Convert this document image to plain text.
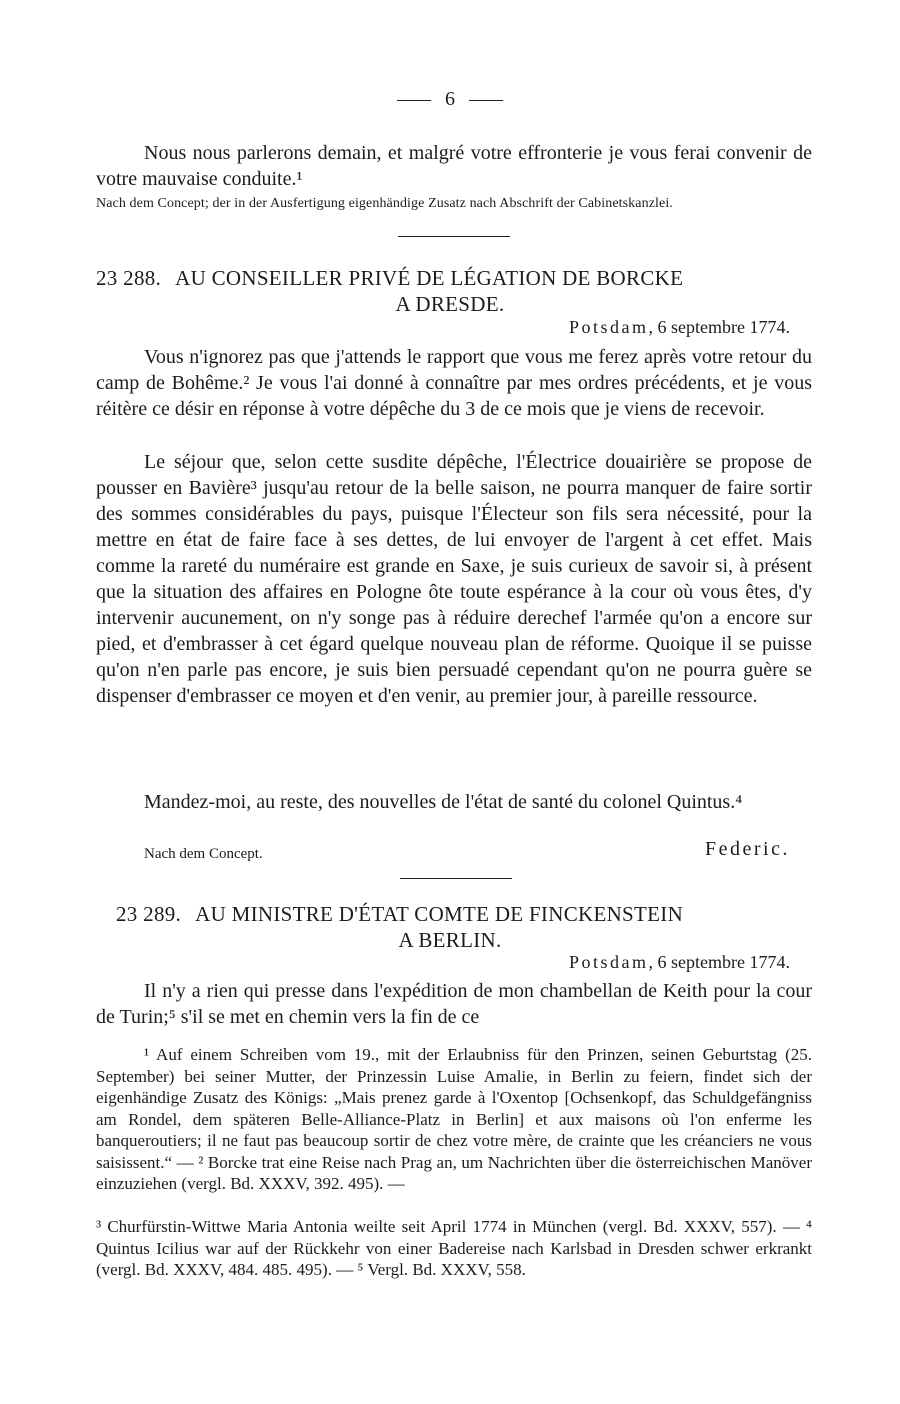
6
Nous nous parlerons demain, et malgré votre effronterie je vous ferai convenir de votre mauvaise conduite.¹
Nach dem Concept; der in der Ausfertigung eigenhändige Zusatz nach Abschrift der Cabinetskanzlei.
23 288. AU CONSEILLER PRIVÉ DE LÉGATION DE BORCKE
A DRESDE.
Potsdam, 6 septembre 1774.
Vous n'ignorez pas que j'attends le rapport que vous me ferez après votre retour du camp de Bohême.² Je vous l'ai donné à connaître par mes ordres précédents, et je vous réitère ce désir en réponse à votre dépêche du 3 de ce mois que je viens de recevoir.
Le séjour que, selon cette susdite dépêche, l'Électrice douairière se propose de pousser en Bavière³ jusqu'au retour de la belle saison, ne pourra manquer de faire sortir des sommes considérables du pays, puisque l'Électeur son fils sera nécessité, pour la mettre en état de faire face à ses dettes, de lui envoyer de l'argent à cet effet. Mais comme la rareté du numéraire est grande en Saxe, je suis curieux de savoir si, à présent que la situation des affaires en Pologne ôte toute espérance à la cour où vous êtes, d'y intervenir aucunement, on n'y songe pas à réduire derechef l'armée qu'on a encore sur pied, et d'embrasser à cet égard quelque nouveau plan de réforme. Quoique il se puisse qu'on n'en parle pas encore, je suis bien persuadé cependant qu'on ne pourra guère se dispenser d'embrasser ce moyen et d'en venir, au premier jour, à pareille ressource.
Mandez-moi, au reste, des nouvelles de l'état de santé du colonel Quintus.⁴
Nach dem Concept.	Federic.
23 289. AU MINISTRE D'ÉTAT COMTE DE FINCKENSTEIN
A BERLIN.
Potsdam, 6 septembre 1774.
Il n'y a rien qui presse dans l'expédition de mon chambellan de Keith pour la cour de Turin;⁵ s'il se met en chemin vers la fin de ce
¹ Auf einem Schreiben vom 19., mit der Erlaubniss für den Prinzen, seinen Geburtstag (25. September) bei seiner Mutter, der Prinzessin Luise Amalie, in Berlin zu feiern, findet sich der eigenhändige Zusatz des Königs: „Mais prenez garde à l'Oxentop [Ochsenkopf, das Schuldgefängniss am Rondel, dem späteren Belle-Alliance-Platz in Berlin] et aux maisons où l'on enferme les banqueroutiers; il ne faut pas beaucoup sortir de chez votre mère, de crainte que les créanciers ne vous saisissent.“ — ² Borcke trat eine Reise nach Prag an, um Nachrichten über die österreichischen Manöver einzuziehen (vergl. Bd. XXXV, 392. 495). —
³ Churfürstin-Wittwe Maria Antonia weilte seit April 1774 in München (vergl. Bd. XXXV, 557). — ⁴ Quintus Icilius war auf der Rückkehr von einer Badereise nach Karlsbad in Dresden schwer erkrankt (vergl. Bd. XXXV, 484. 485. 495). — ⁵ Vergl. Bd. XXXV, 558.
